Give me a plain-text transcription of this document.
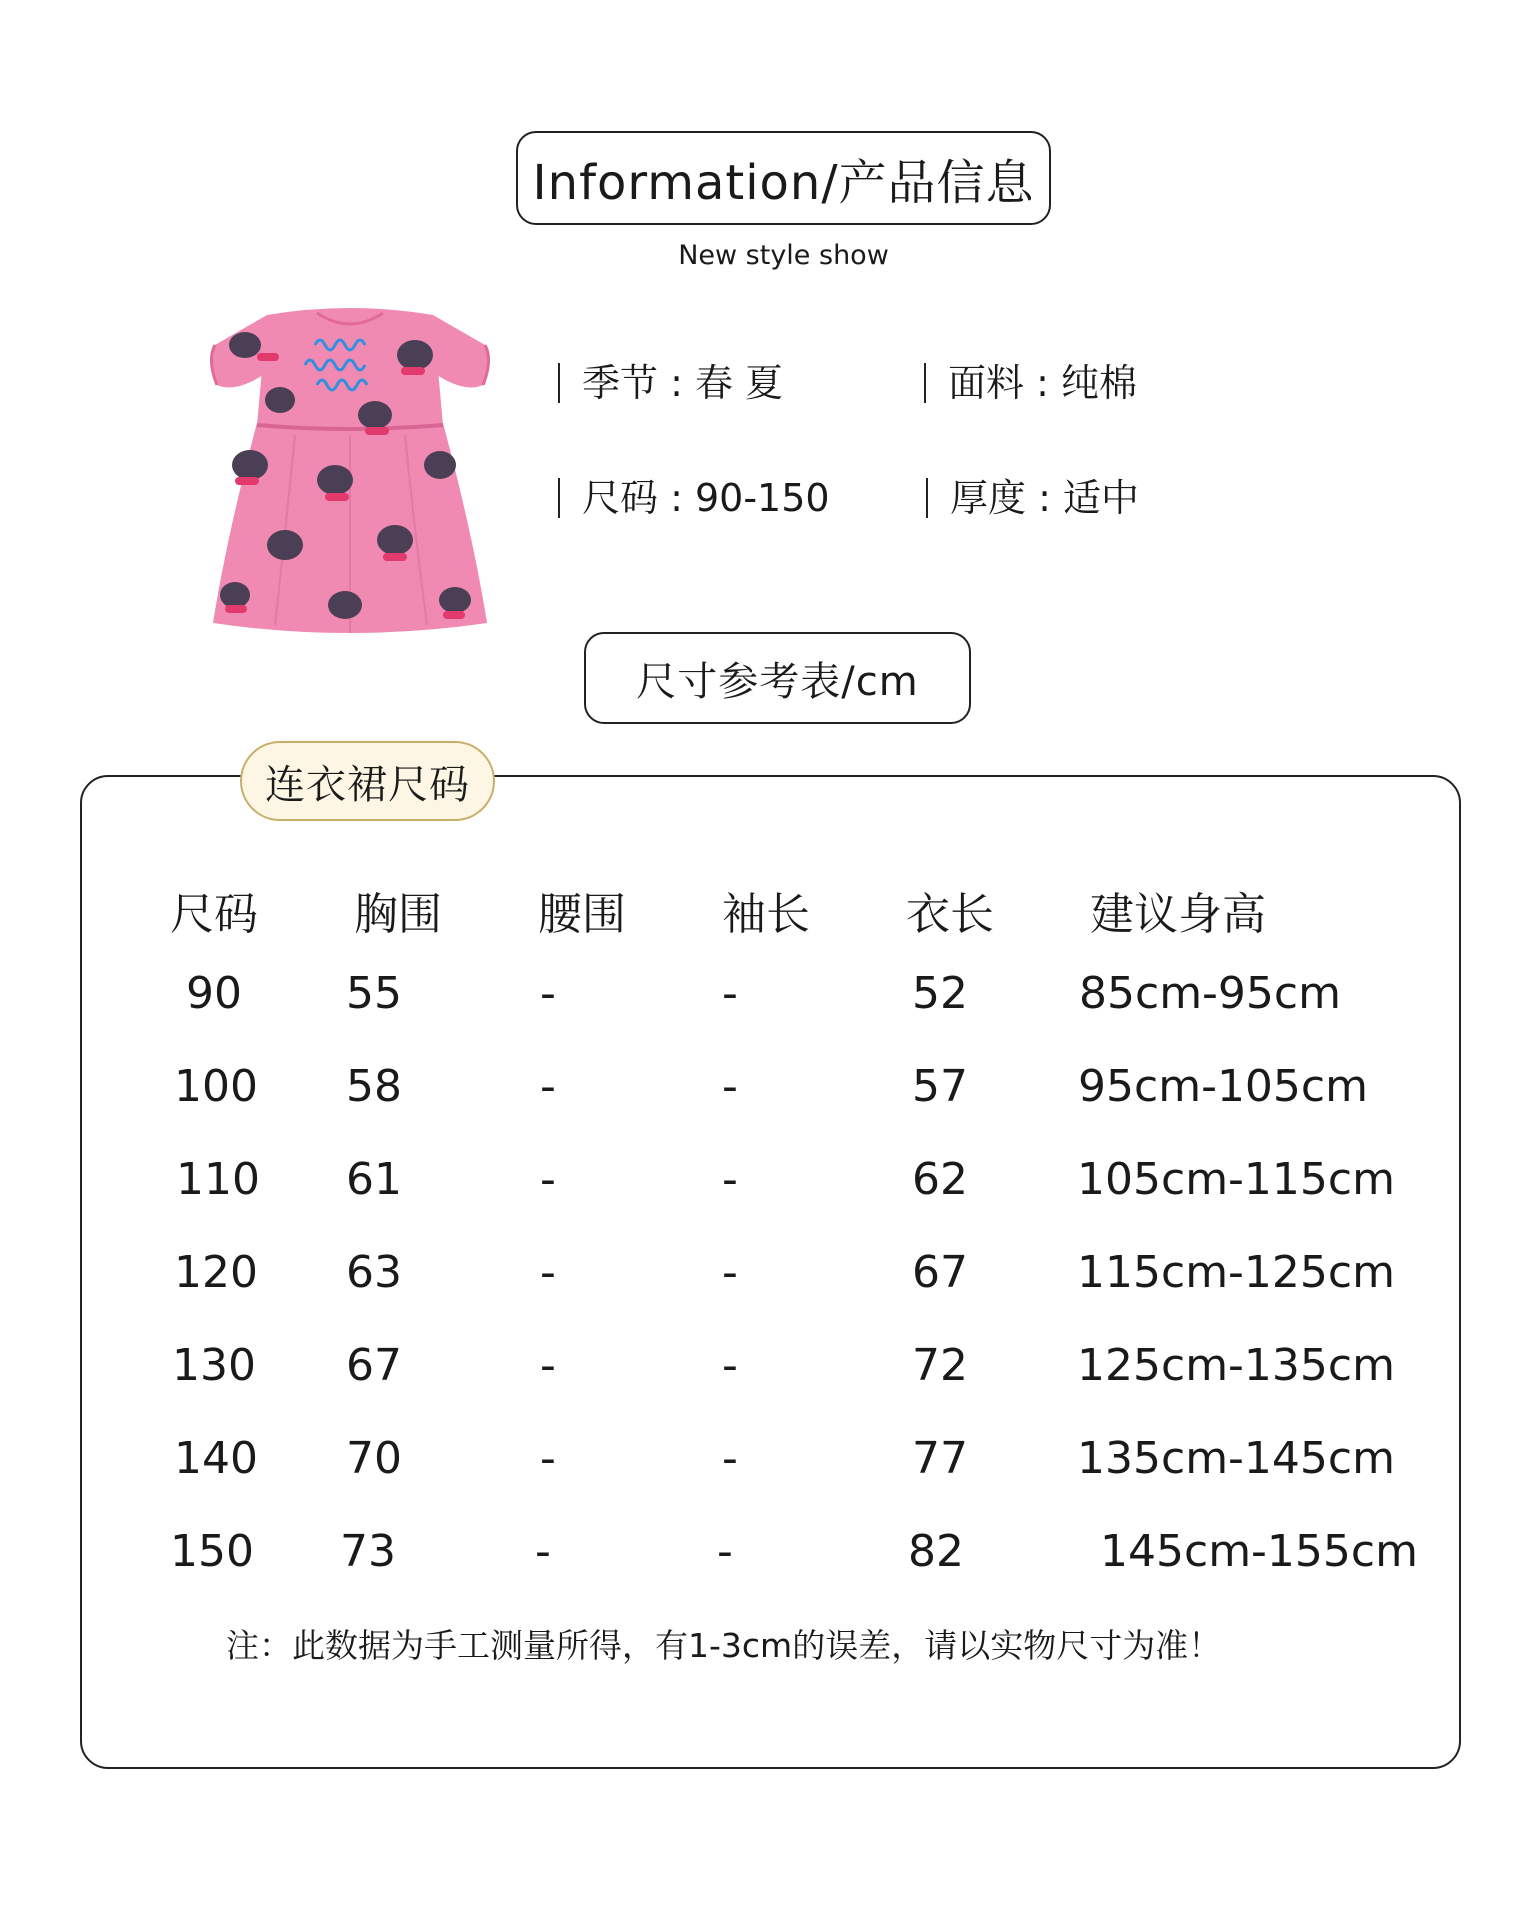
Information/产品信息
New style show
季节 : 春 夏	面料 : 纯棉
尺码 : 90-150	厚度 : 适中
尺寸参考表/cm
连衣裙尺码
尺码 胸围 腰围 袖长 衣长 建议身高
90 55	-	-	52	85cm-95cm
100 58	-	-	57	95cm-105cm
110 61	-	-	62 105cm-115cm
120 63	-	-	67 115cm-125cm
130 67	-	-	72 125cm-135cm
140 70	-	-	77 135cm-145cm
150 73	-	-	82	145cm-155cm
注：此数据为手工测量所得，有1-3cm的误差，请以实物尺寸为准！
